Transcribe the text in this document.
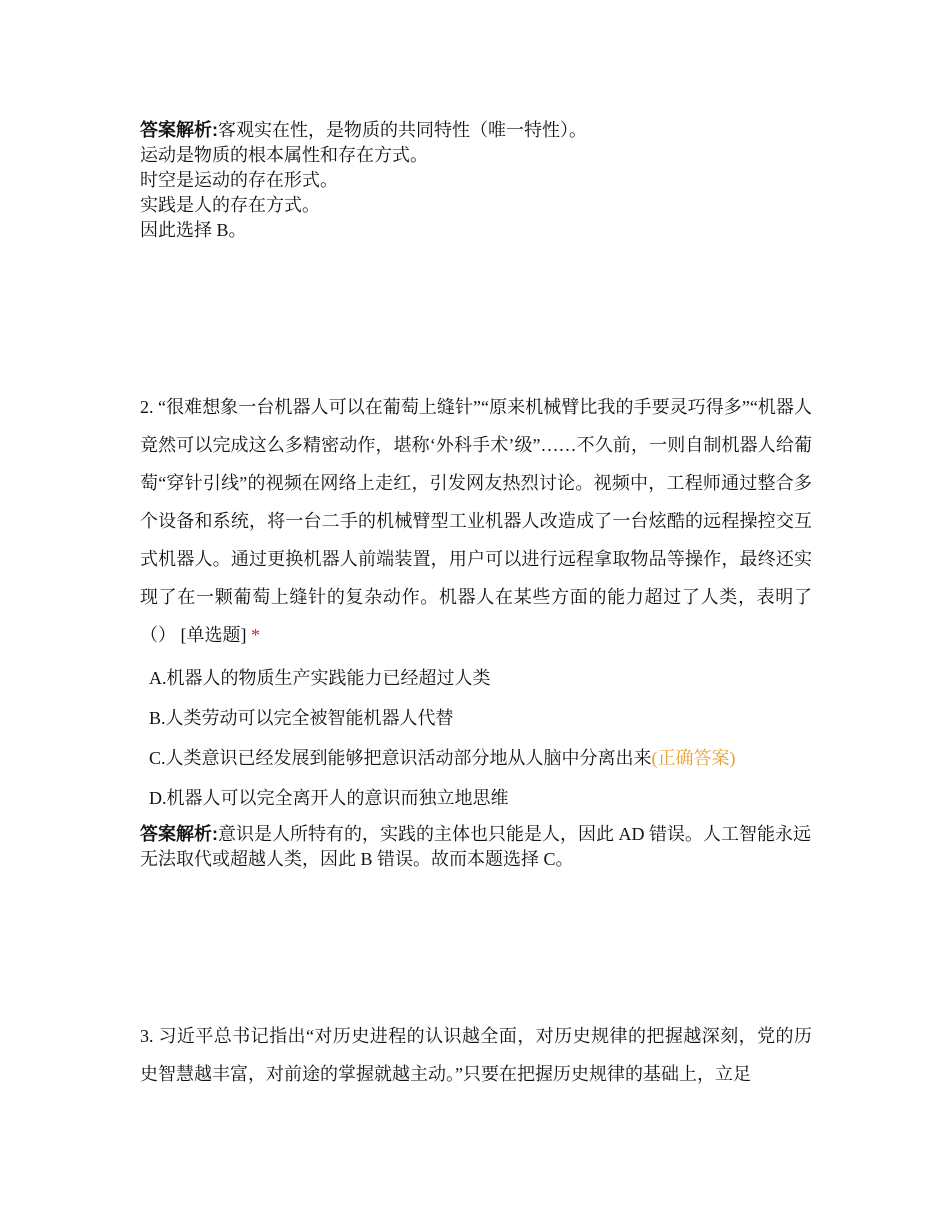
答案解析:客观实在性，是物质的共同特性（唯一特性）。
运动是物质的根本属性和存在方式。
时空是运动的存在形式。
实践是人的存在方式。
因此选择 B。

2. “很难想象一台机器人可以在葡萄上缝针”“原来机械臂比我的手要灵巧得多”“机器人竟然可以完成这么多精密动作，堪称‘外科手术’级”……不久前，一则自制机器人给葡萄“穿针引线”的视频在网络上走红，引发网友热烈讨论。视频中，工程师通过整合多个设备和系统，将一台二手的机械臂型工业机器人改造成了一台炫酷的远程操控交互式机器人。通过更换机器人前端装置，用户可以进行远程拿取物品等操作，最终还实现了在一颗葡萄上缝针的复杂动作。机器人在某些方面的能力超过了人类，表明了（） [单选题] *

A.机器人的物质生产实践能力已经超过人类
B.人类劳动可以完全被智能机器人代替
C.人类意识已经发展到能够把意识活动部分地从人脑中分离出来(正确答案)
D.机器人可以完全离开人的意识而独立地思维
答案解析:意识是人所特有的，实践的主体也只能是人，因此 AD 错误。人工智能永远无法取代或超越人类，因此 B 错误。故而本题选择 C。

3. 习近平总书记指出“对历史进程的认识越全面，对历史规律的把握越深刻，党的历史智慧越丰富，对前途的掌握就越主动。”只要在把握历史规律的基础上，立足
